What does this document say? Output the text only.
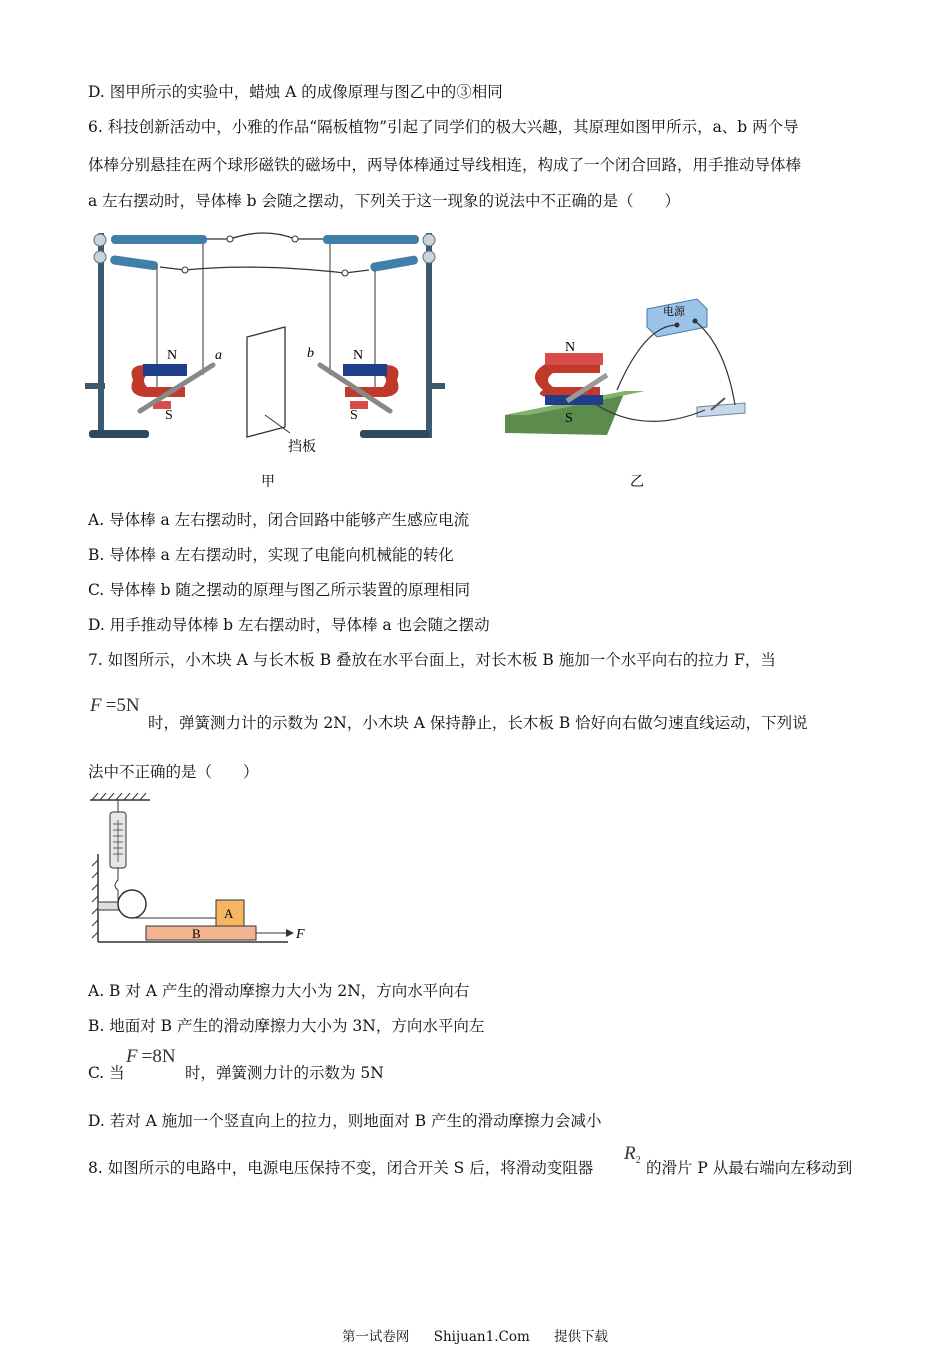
D. 图甲所示的实验中，蜡烛 A 的成像原理与图乙中的③相同
6. 科技创新活动中，小雅的作品“隔板植物”引起了同学们的极大兴趣，其原理如图甲所示，a、b 两个导
体棒分别悬挂在两个球形磁铁的磁场中，两导体棒通过导线相连，构成了一个闭合回路，用手推动导体棒
a 左右摆动时，导体棒 b 会随之摆动，下列关于这一现象的说法中不正确的是（　　）
N
S
a	b	N
S
挡板
甲
N
S
电源
乙
A. 导体棒 a 左右摆动时，闭合回路中能够产生感应电流
B. 导体棒 a 左右摆动时，实现了电能向机械能的转化
C. 导体棒 b 随之摆动的原理与图乙所示装置的原理相同
D. 用手推动导体棒 b 左右摆动时，导体棒 a 也会随之摆动
7. 如图所示，小木块 A 与长木板 B 叠放在水平台面上，对长木板 B 施加一个水平向右的拉力 F，当
F =5N
时，弹簧测力计的示数为 2N，小木块 A 保持静止，长木板 B 恰好向右做匀速直线运动，下列说
法中不正确的是（　　）
A
B	F
A. B 对 A 产生的滑动摩擦力大小为 2N，方向水平向右
B. 地面对 B 产生的滑动摩擦力大小为 3N，方向水平向左
C. 当
F =8N
时，弹簧测力计的示数为 5N
D. 若对 A 施加一个竖直向上的拉力，则地面对 B 产生的滑动摩擦力会减小
8. 如图所示的电路中，电源电压保持不变，闭合开关 S 后，将滑动变阻器
$R_2$ 的滑片 P 从最右端向左移动到
第一试卷网 Shijuan1.Com 提供下载
